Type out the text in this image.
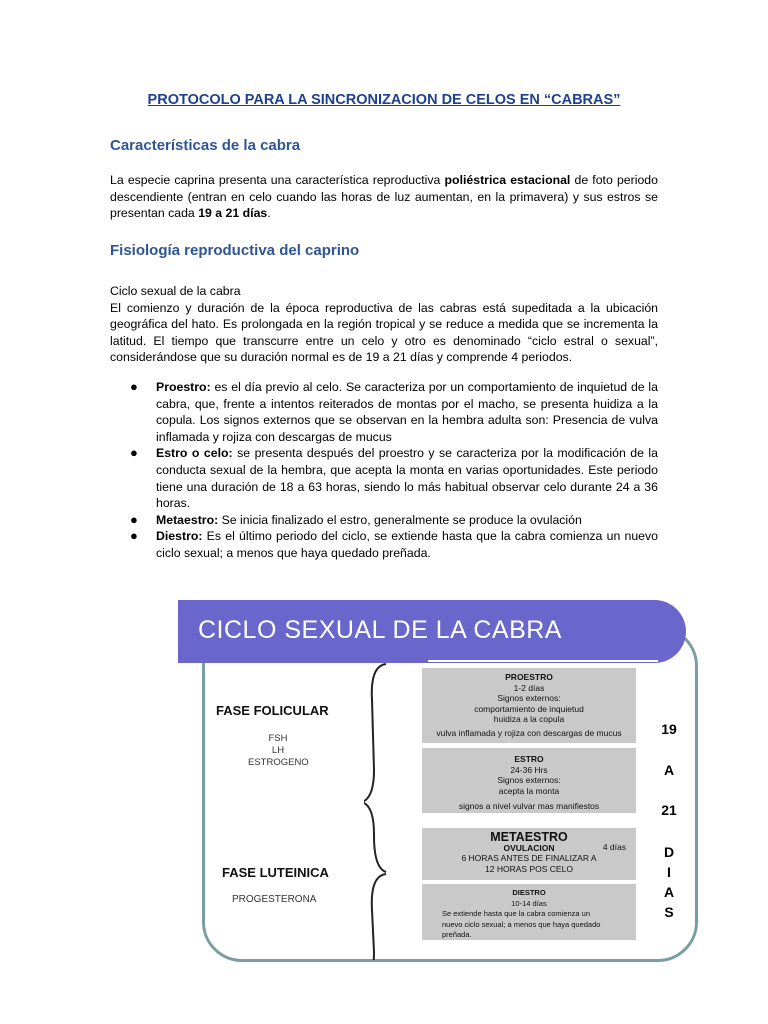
PROTOCOLO PARA LA SINCRONIZACION DE CELOS EN “CABRAS”
Características de la cabra
La especie caprina presenta una característica reproductiva poliéstrica estacional de foto periodo descendiente (entran en celo cuando las horas de luz aumentan, en la primavera) y sus estros se presentan cada 19 a 21 días.
Fisiología reproductiva del caprino
Ciclo sexual de la cabra
El comienzo y duración de la época reproductiva de las cabras está supeditada a la ubicación geográfica del hato. Es prolongada en la región tropical y se reduce a medida que se incrementa la latitud. El tiempo que transcurre entre un celo y otro es denominado “ciclo estral o sexual”, considerándose que su duración normal es de 19 a 21 días y comprende 4 periodos.
● Proestro: es el día previo al celo. Se caracteriza por un comportamiento de inquietud de la cabra, que, frente a intentos reiterados de montas por el macho, se presenta huidiza a la copula. Los signos externos que se observan en la hembra adulta son: Presencia de vulva inflamada y rojiza con descargas de mucus
● Estro o celo: se presenta después del proestro y se caracteriza por la modificación de la conducta sexual de la hembra, que acepta la monta en varias oportunidades. Este periodo tiene una duración de 18 a 63 horas, siendo lo más habitual observar celo durante 24 a 36 horas.
● Metaestro: Se inicia finalizado el estro, generalmente se produce la ovulación
● Diestro: Es el último periodo del ciclo, se extiende hasta que la cabra comienza un nuevo ciclo sexual; a menos que haya quedado preñada.
CICLO SEXUAL DE LA CABRA
FASE FOLICULAR
FSH
LH
ESTROGENO
FASE LUTEINICA
PROGESTERONA
PROESTRO
1-2 días
Signos externos:
comportamiento de inquietud
huidiza a la copula
vulva inflamada y rojiza con descargas de mucus
ESTRO
24-36 Hrs
Signos externos:
acepta la monta
signos a nivel vulvar mas manifiestos
METAESTRO
4 días
OVULACION
6 HORAS ANTES DE FINALIZAR A
12 HORAS POS CELO
DIESTRO
10-14 días
Se extiende hasta que la cabra comienza un
nuevo ciclo sexual; a menos que haya quedado
preñada.
19
A
21
D
I
A
S
